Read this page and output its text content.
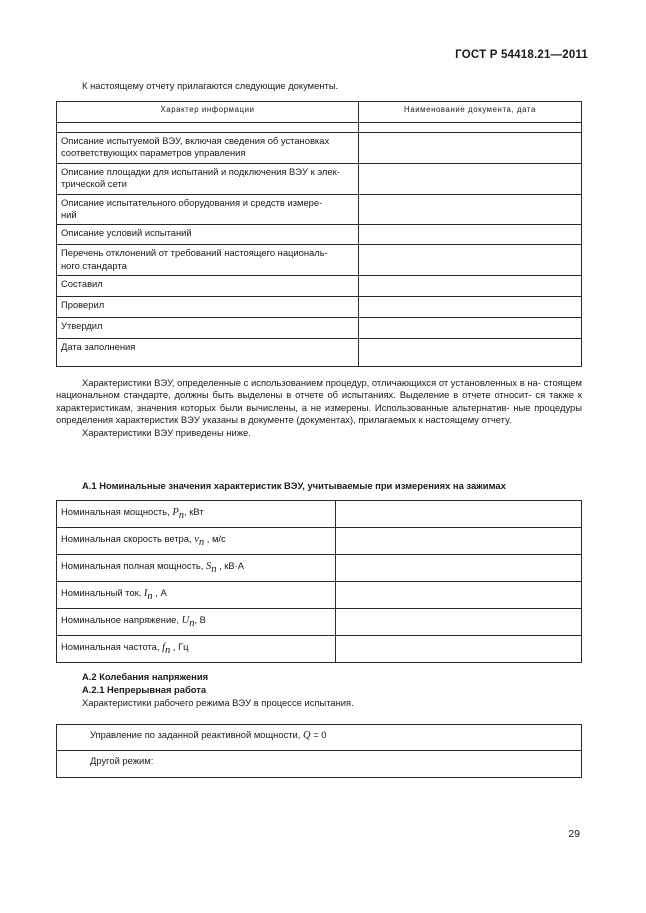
ГОСТ Р 54418.21—2011
К настоящему отчету прилагаются следующие документы.
Характер информации	Наименование документа, дата

Описание испытуемой ВЭУ, включая сведения об установках
соответствующих параметров управления	
Описание площадки для испытаний и подключения ВЭУ к элек-
трической сети	
Описание испытательного оборудования и средств измере-
ний	
Описание условий испытаний	
Перечень отклонений от требований настоящего националь-
ного стандарта	
Составил	
Проверил	
Утвердил	
Дата заполнения	

Характеристики ВЭУ, определенные с использованием процедур, отличающихся от установленных в на- стоящем национальном стандарте, должны быть выделены в отчете об испытаниях. Выделение в отчете относит- ся также к характеристикам, значения которых были вычислены, а не измерены. Использованные альтернатив- ные процедуры определения характеристик ВЭУ указаны в документе (документах), прилагаемых к настоящему отчету.

Характеристики ВЭУ приведены ниже.

А.1 Номинальные значения характеристик ВЭУ, учитываемые при измерениях на зажимах
Номинальная мощность, $P_n$, кВт	
Номинальная скорость ветра, $v_n$ , м/с	
Номинальная полная мощность, $S_n$ , кВ·А	
Номинальный ток, $I_n$ , А	
Номинальное напряжение, $U_n$, В	
Номинальная частота, $f_n$ , Гц	
А.2 Колебания напряжения
А.2.1 Непрерывная работа
Характеристики рабочего режима ВЭУ в процессе испытания.
Управление по заданной реактивной мощности, Q = 0
Другой режим:
29
